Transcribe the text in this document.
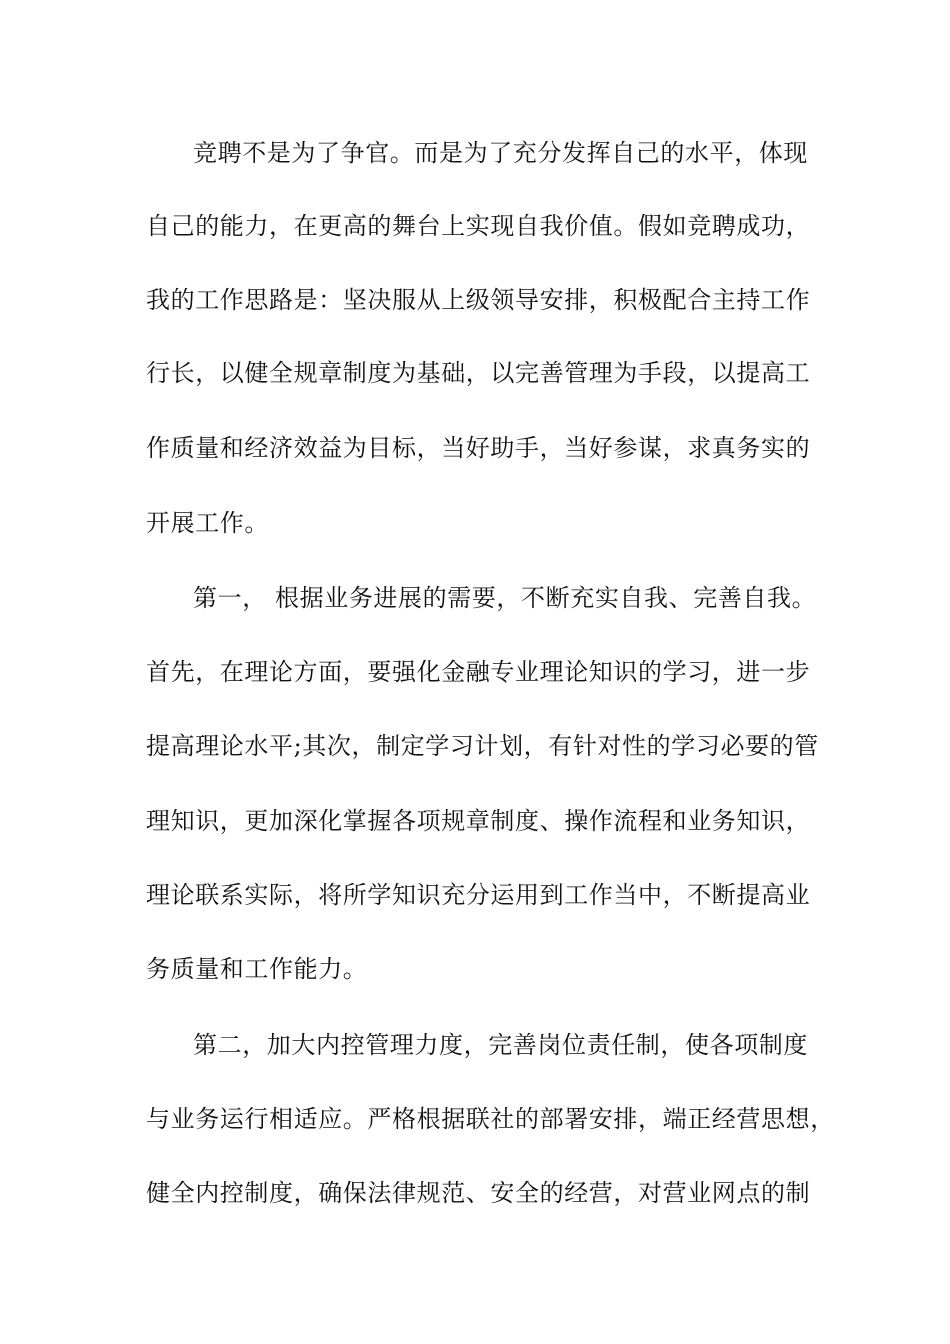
竞聘不是为了争官。而是为了充分发挥自己的水平，体现
自己的能力，在更高的舞台上实现自我价值。假如竞聘成功，
我的工作思路是：坚决服从上级领导安排，积极配合主持工作
行长，以健全规章制度为基础，以完善管理为手段，以提高工
作质量和经济效益为目标，当好助手，当好参谋，求真务实的
开展工作。
第一， 根据业务进展的需要，不断充实自我、完善自我。
首先，在理论方面，要强化金融专业理论知识的学习，进一步
提高理论水平;其次，制定学习计划，有针对性的学习必要的管
理知识，更加深化掌握各项规章制度、操作流程和业务知识，
理论联系实际，将所学知识充分运用到工作当中，不断提高业
务质量和工作能力。
第二，加大内控管理力度，完善岗位责任制，使各项制度
与业务运行相适应。严格根据联社的部署安排，端正经营思想，
健全内控制度，确保法律规范、安全的经营，对营业网点的制
